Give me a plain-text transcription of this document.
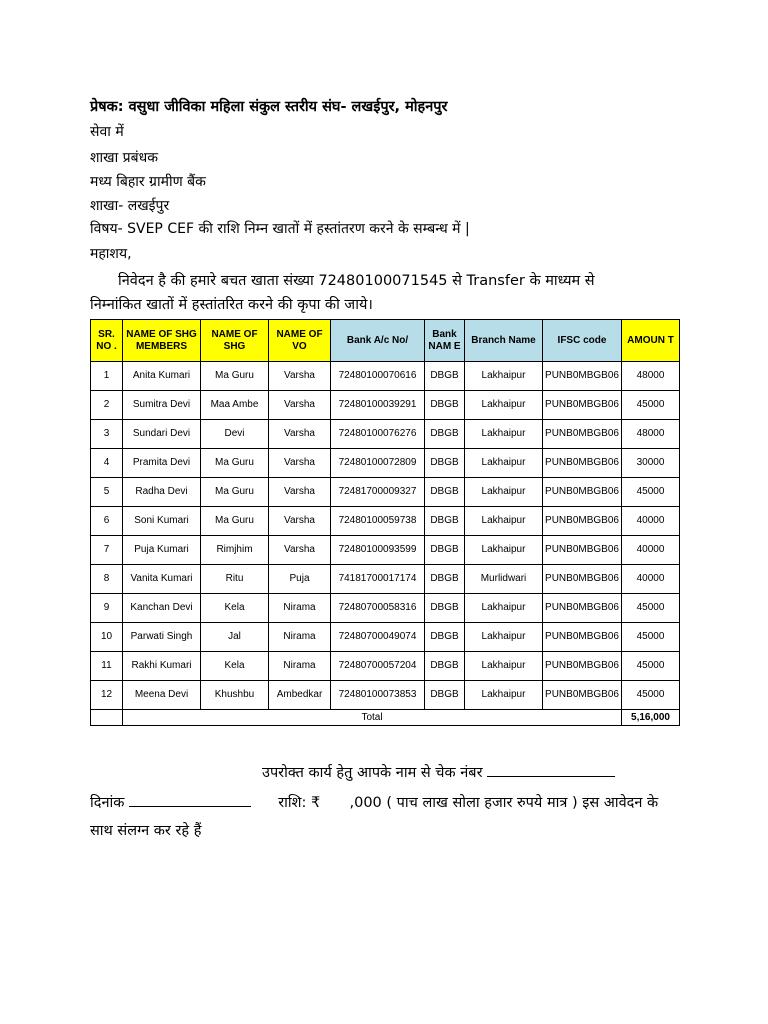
प्रेषक: वसुधा जीविका महिला संकुल स्तरीय संघ- लखईपुर, मोहनपुर
सेवा में
शाखा प्रबंधक
मध्य बिहार ग्रामीण बैंक
शाखा- लखईपुर
विषय- SVEP CEF की राशि निम्न खातों में हस्तांतरण करने के सम्बन्ध में |
महाशय,
निवेदन है की हमारे बचत खाता संख्या 72480100071545 से Transfer के माध्यम से
निम्नांकित खातों में हस्तांतरित करने की कृपा की जाये।
SR. NO .	NAME OF SHG MEMBERS	NAME OF SHG	NAME OF VO	Bank A/c No/	Bank NAM E	Branch Name	IFSC code	AMOUN T
1	Anita Kumari	Ma Guru	Varsha	72480100070616	DBGB	Lakhaipur	PUNB0MBGB06	48000
2	Sumitra Devi	Maa Ambe	Varsha	72480100039291	DBGB	Lakhaipur	PUNB0MBGB06	45000
3	Sundari Devi	Devi	Varsha	72480100076276	DBGB	Lakhaipur	PUNB0MBGB06	48000
4	Pramita Devi	Ma Guru	Varsha	72480100072809	DBGB	Lakhaipur	PUNB0MBGB06	30000
5	Radha Devi	Ma Guru	Varsha	72481700009327	DBGB	Lakhaipur	PUNB0MBGB06	45000
6	Soni Kumari	Ma Guru	Varsha	72480100059738	DBGB	Lakhaipur	PUNB0MBGB06	40000
7	Puja Kumari	Rimjhim	Varsha	72480100093599	DBGB	Lakhaipur	PUNB0MBGB06	40000
8	Vanita Kumari	Ritu	Puja	74181700017174	DBGB	Murlidwari	PUNB0MBGB06	40000
9	Kanchan Devi	Kela	Nirama	72480700058316	DBGB	Lakhaipur	PUNB0MBGB06	45000
10	Parwati Singh	Jal	Nirama	72480700049074	DBGB	Lakhaipur	PUNB0MBGB06	45000
11	Rakhi Kumari	Kela	Nirama	72480700057204	DBGB	Lakhaipur	PUNB0MBGB06	45000
12	Meena Devi	Khushbu	Ambedkar	72480100073853	DBGB	Lakhaipur	PUNB0MBGB06	45000
	Total							5,16,000
उपरोक्त कार्य हेतु आपके नाम से चेक नंबर
दिनांक	राशि: ₹ ,000 ( पाच लाख सोला हजार रुपये मात्र ) इस आवेदन के
साथ संलग्न कर रहे हैं
